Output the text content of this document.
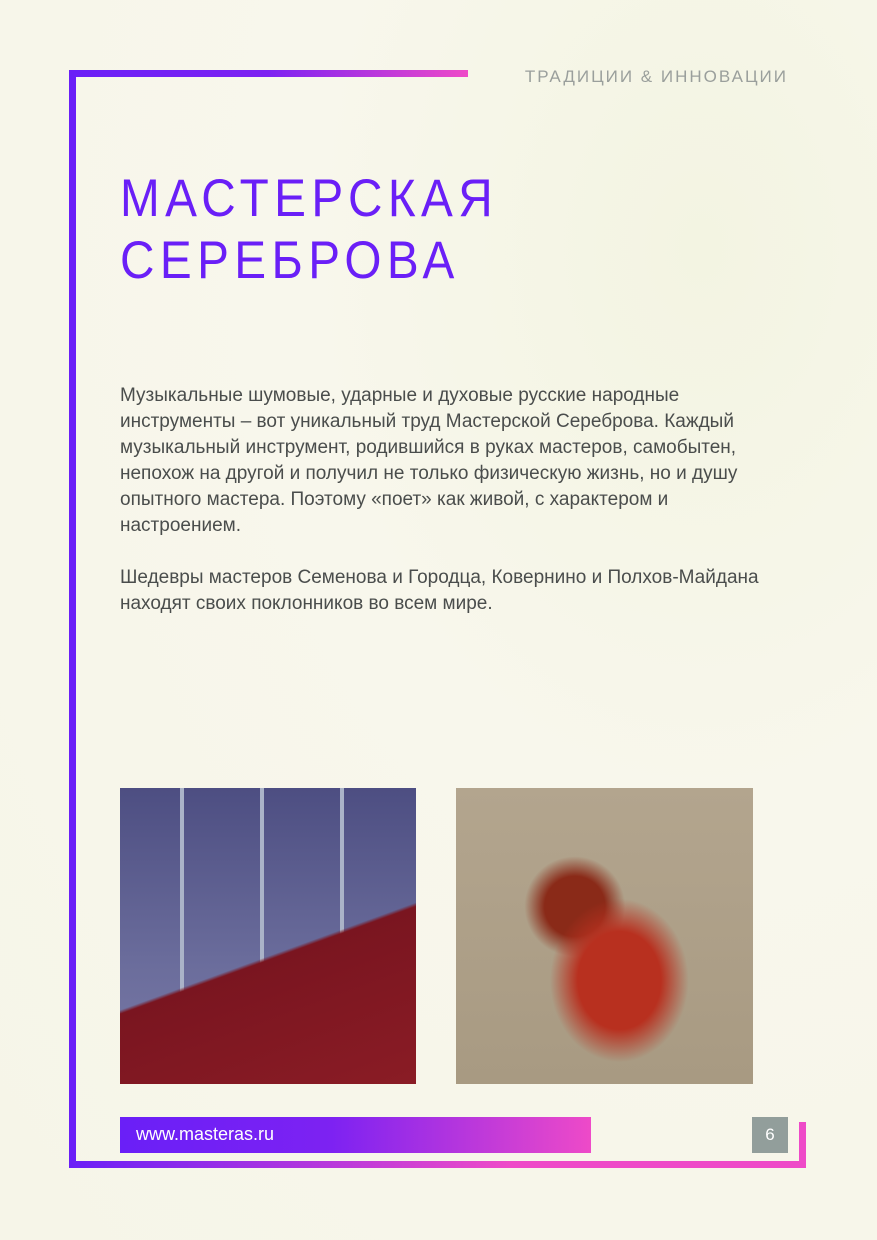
ТРАДИЦИИ & ИННОВАЦИИ
МАСТЕРСКАЯ
СЕРЕБРОВА

Музыкальные шумовые, ударные и духовые русские народные инструменты – вот уникальный труд Мастерской Сереброва. Каждый музыкальный инструмент, родившийся в руках мастеров, самобытен, непохож на другой и получил не только физическую жизнь, но и душу опытного мастера. Поэтому «поет» как живой, с характером и настроением.

Шедевры мастеров Семенова и Городца, Ковернино и Полхов-Майдана находят своих поклонников во всем мире.

www.masteras.ru	6
